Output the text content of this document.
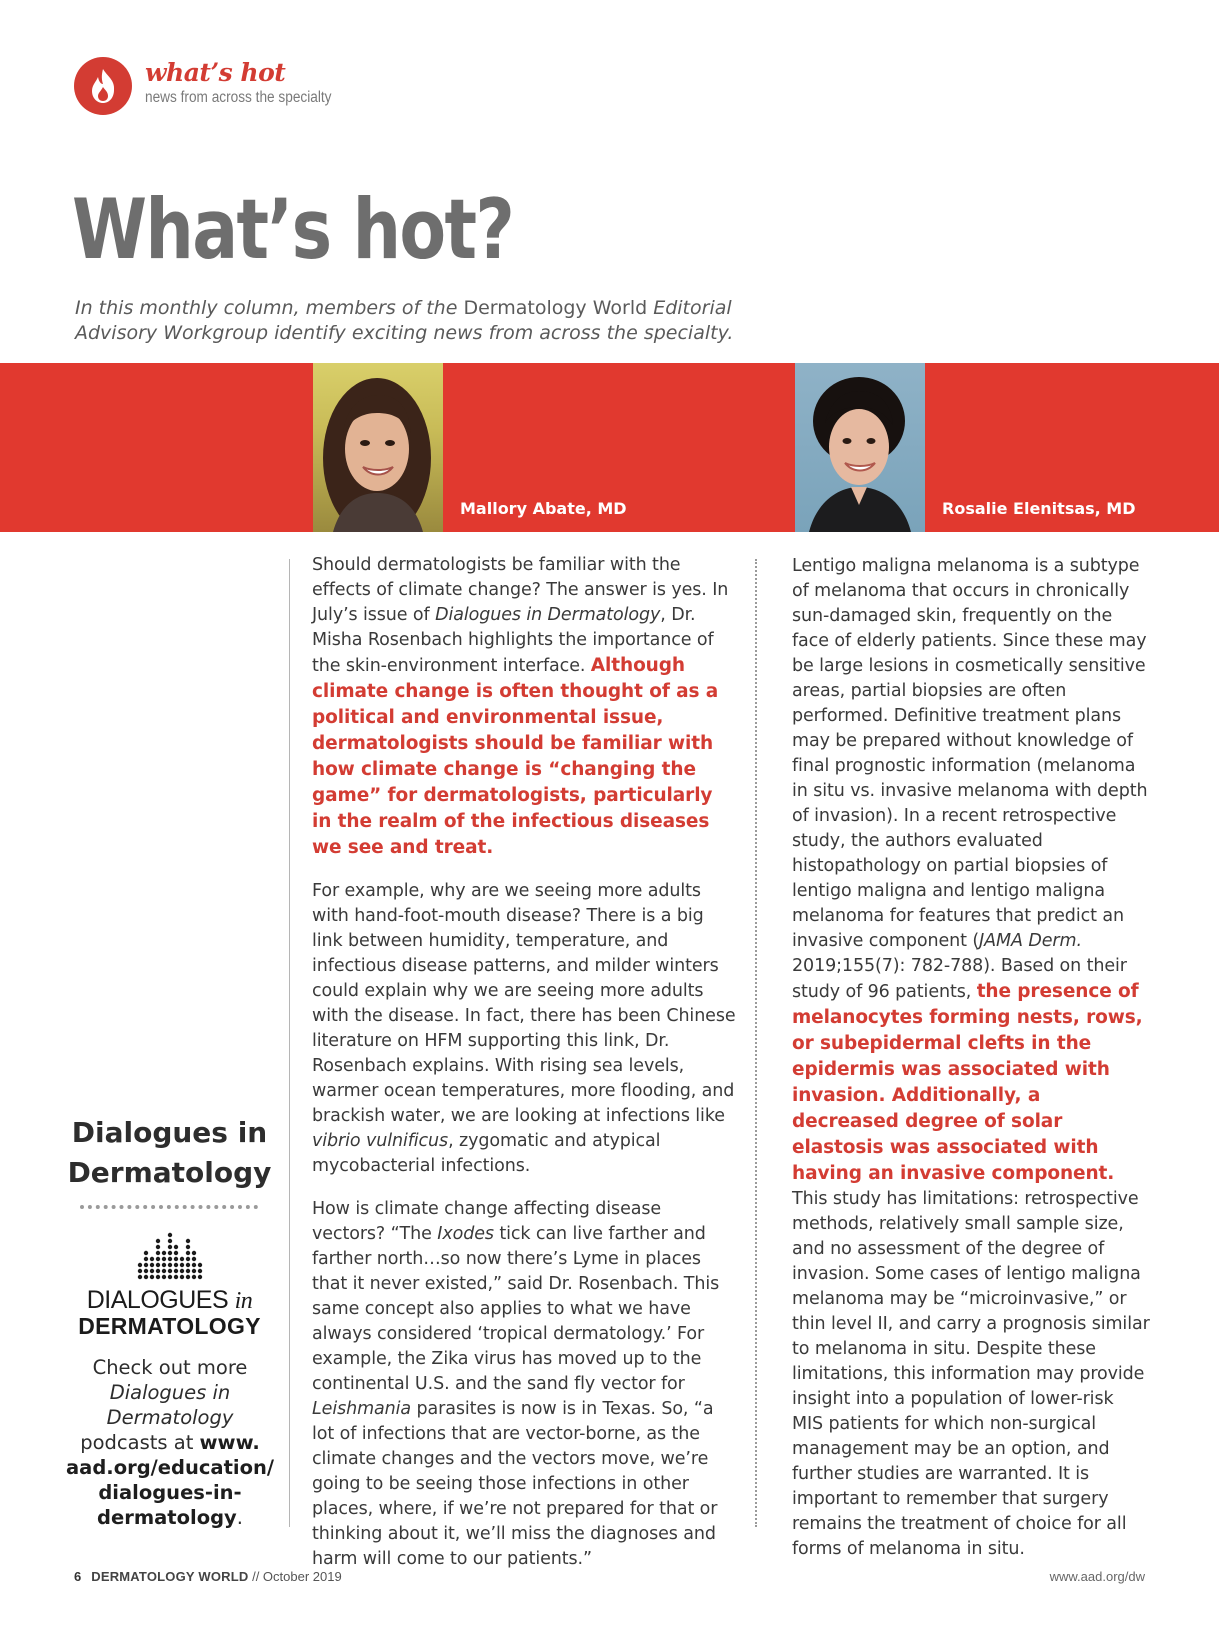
what’s hot
news from across the specialty
What’s hot?
In this monthly column, members of the Dermatology World Editorial Advisory Workgroup identify exciting news from across the specialty.
Mallory Abate, MD	Rosalie Elenitsas, MD
Dialogues in Dermatology
DIALOGUES in
DERMATOLOGY
Check out more Dialogues in Dermatology podcasts at www. aad.org/education/ dialogues-in-dermatology.

Should dermatologists be familiar with the effects of climate change? The answer is yes. In July’s issue of Dialogues in Dermatology, Dr. Misha Rosenbach highlights the importance of the skin-environment interface. Although climate change is often thought of as a political and environmental issue, dermatologists should be familiar with how climate change is “changing the game” for dermatologists, particularly in the realm of the infectious diseases we see and treat.

For example, why are we seeing more adults with hand-foot-mouth disease? There is a big link between humidity, temperature, and infectious disease patterns, and milder winters could explain why we are seeing more adults with the disease. In fact, there has been Chinese literature on HFM supporting this link, Dr. Rosenbach explains. With rising sea levels, warmer ocean temperatures, more flooding, and brackish water, we are looking at infections like vibrio vulnificus, zygomatic and atypical mycobacterial infections.

How is climate change affecting disease vectors? “The Ixodes tick can live farther and farther north…so now there’s Lyme in places that it never existed,” said Dr. Rosenbach. This same concept also applies to what we have always considered ‘tropical dermatology.’ For example, the Zika virus has moved up to the continental U.S. and the sand fly vector for Leishmania parasites is now is in Texas. So, “a lot of infections that are vector-borne, as the climate changes and the vectors move, we’re going to be seeing those infections in other places, where, if we’re not prepared for that or thinking about it, we’ll miss the diagnoses and harm will come to our patients.”

Lentigo maligna melanoma is a subtype of melanoma that occurs in chronically sun-damaged skin, frequently on the face of elderly patients. Since these may be large lesions in cosmetically sensitive areas, partial biopsies are often performed. Definitive treatment plans may be prepared without knowledge of final prognostic information (melanoma in situ vs. invasive melanoma with depth of invasion). In a recent retrospective study, the authors evaluated histopathology on partial biopsies of lentigo maligna and lentigo maligna melanoma for features that predict an invasive component (JAMA Derm. 2019;155(7): 782-788). Based on their study of 96 patients, the presence of melanocytes forming nests, rows, or subepidermal clefts in the epidermis was associated with invasion. Additionally, a decreased degree of solar elastosis was associated with having an invasive component. This study has limitations: retrospective methods, relatively small sample size, and no assessment of the degree of invasion. Some cases of lentigo maligna melanoma may be “microinvasive,” or thin level II, and carry a prognosis similar to melanoma in situ. Despite these limitations, this information may provide insight into a population of lower-risk MIS patients for which non-surgical management may be an option, and further studies are warranted. It is important to remember that surgery remains the treatment of choice for all forms of melanoma in situ.

6 DERMATOLOGY WORLD // October 2019	www.aad.org/dw
